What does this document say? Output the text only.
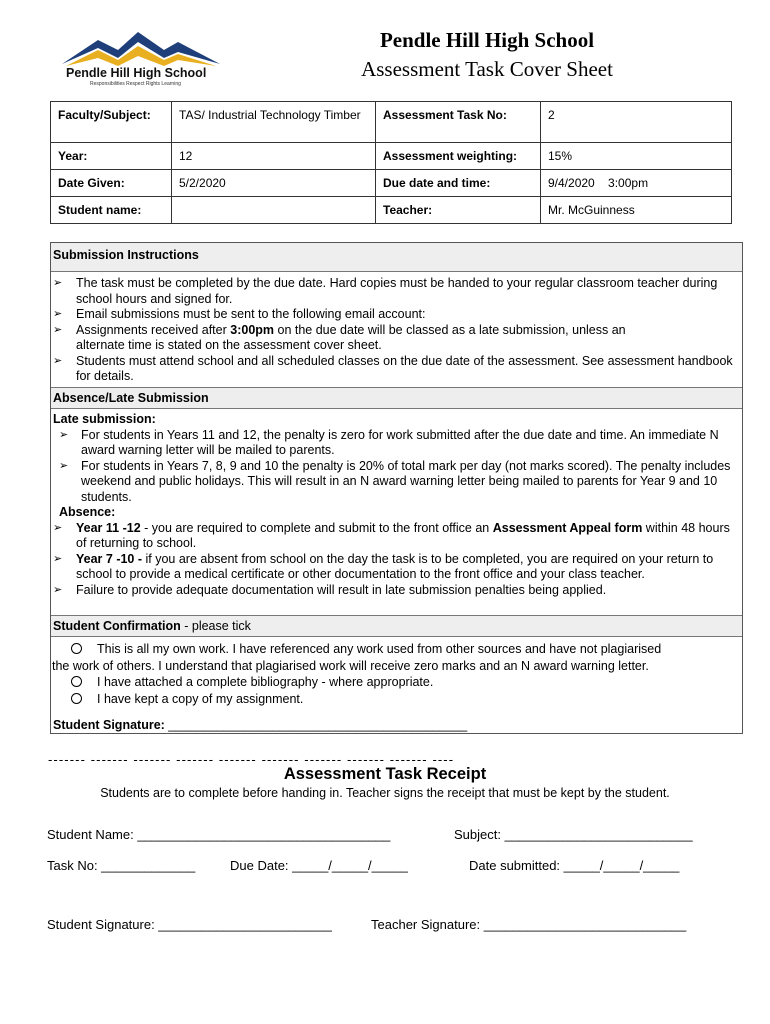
Pendle Hill High School
Responsibilities Respect Rights Learning
Pendle Hill High School
Assessment Task Cover Sheet
Faculty/Subject:	TAS/ Industrial Technology Timber	Assessment Task No:	2
Year:	12	Assessment weighting:	15%
Date Given:	5/2/2020	Due date and time:	9/4/2020    3:00pm
Student name:		Teacher:	Mr. McGuinness
Submission Instructions
➢ The task must be completed by the due date. Hard copies must be handed to your regular classroom teacher during school hours and signed for.
➢ Email submissions must be sent to the following email account:
➢ Assignments received after 3:00pm on the due date will be classed as a late submission, unless an
alternate time is stated on the assessment cover sheet.
➢ Students must attend school and all scheduled classes on the due date of the assessment. See assessment handbook for details.
Absence/Late Submission
Late submission:
➢ For students in Years 11 and 12, the penalty is zero for work submitted after the due date and time. An immediate N award warning letter will be mailed to parents.
➢ For students in Years 7, 8, 9 and 10 the penalty is 20% of total mark per day (not marks scored). The penalty includes weekend and public holidays. This will result in an N award warning letter being mailed to parents for Year 9 and 10 students.
Absence:
➢ Year 11 -12 - you are required to complete and submit to the front office an Assessment Appeal form within 48 hours of returning to school.
➢ Year 7 -10 - if you are absent from school on the day the task is to be completed, you are required on your return to school to provide a medical certificate or other documentation to the front office and your class teacher.
➢ Failure to provide adequate documentation will result in late submission penalties being applied.
Student Confirmation - please tick
This is all my own work. I have referenced any work used from other sources and have not plagiarised
the work of others. I understand that plagiarised work will receive zero marks and an N award warning letter.
I have attached a complete bibliography - where appropriate.
I have kept a copy of my assignment.
Student Signature: ___________________________________________
------- ------- ------- ------- ------- ------- ------- ------- ------- ----
Assessment Task Receipt
Students are to complete before handing in. Teacher signs the receipt that must be kept by the student.
Student Name: ___________________________________	Subject: __________________________
Task No: _____________	Due Date: _____/_____/_____	Date submitted: _____/_____/_____
Student Signature: ________________________	Teacher Signature: ____________________________
